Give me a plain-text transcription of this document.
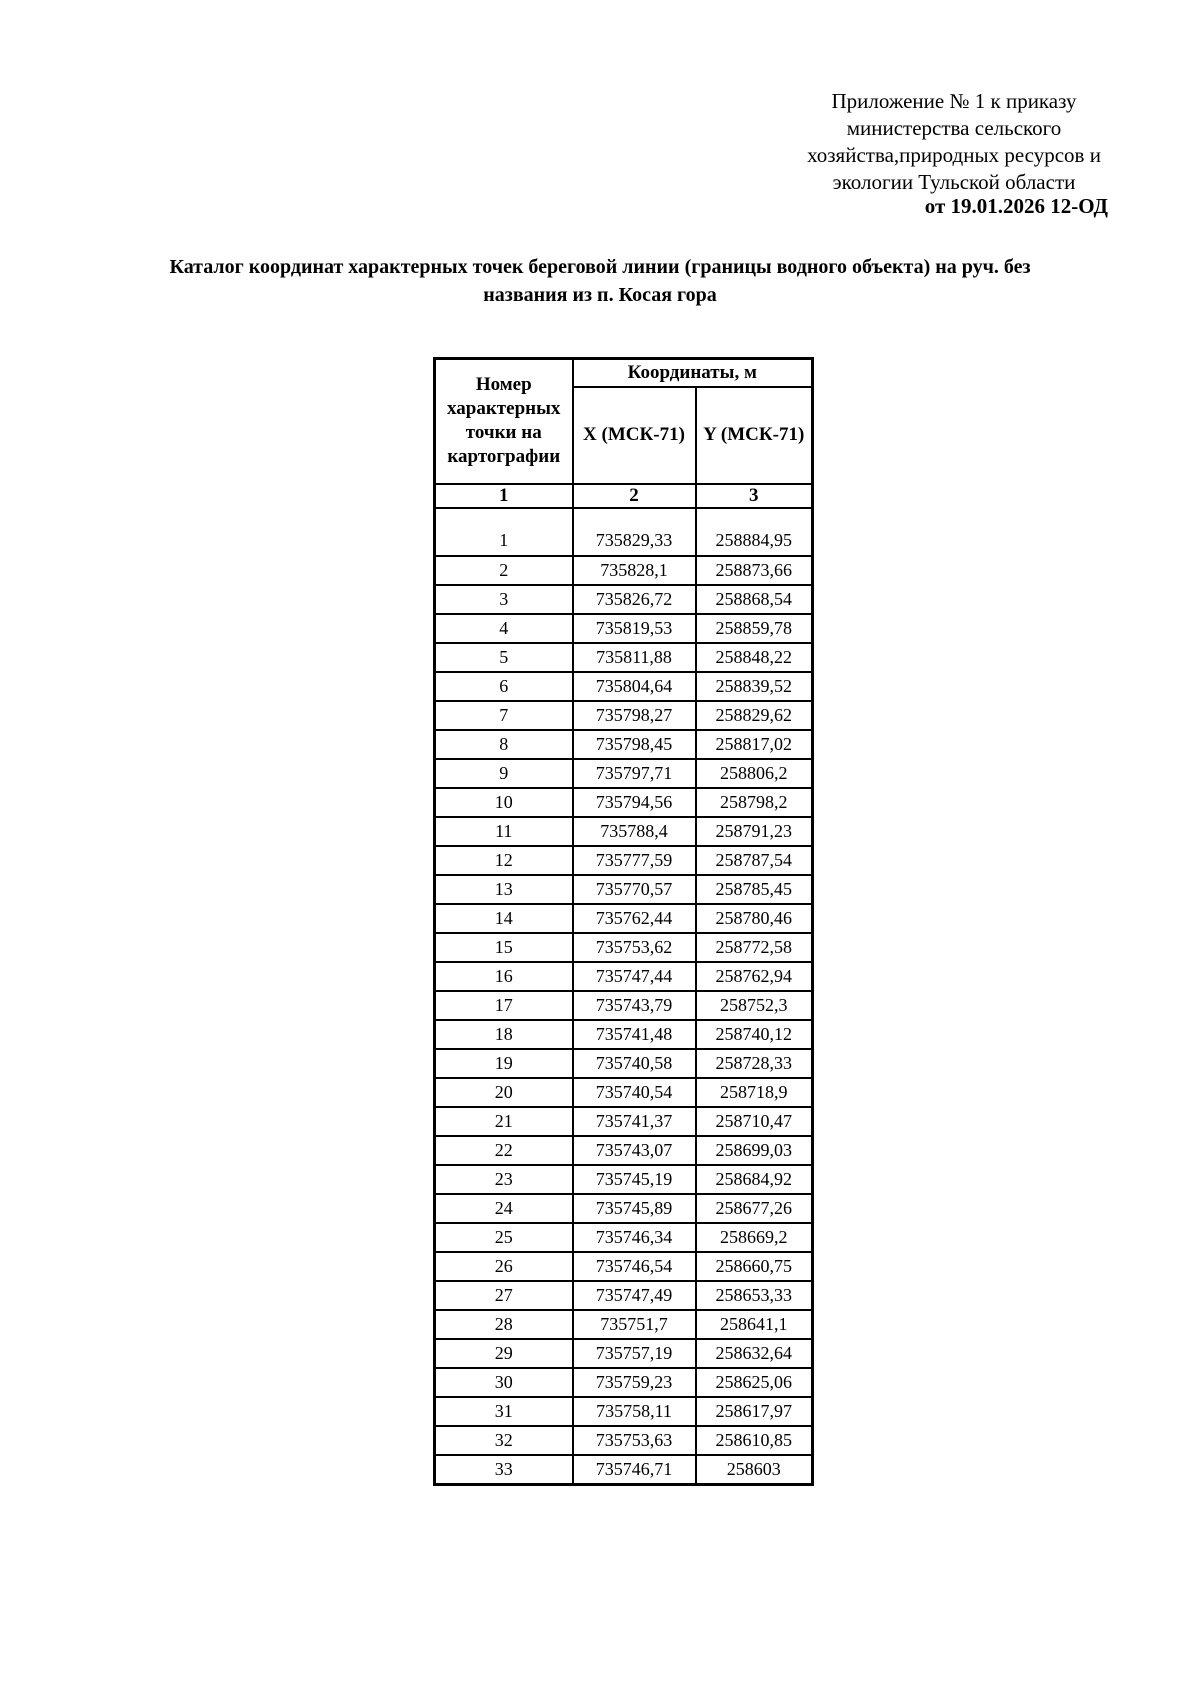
Приложение № 1 к приказу
министерства сельского
хозяйства,природных ресурсов и
экологии Тульской области
от 19.01.2026 12-ОД
Каталог координат характерных точек береговой линии (границы водного объекта) на руч. без
названия из п. Косая гора
Номер характерных точки на картографии	Координаты, м	
	X (МСК-71)	Y (МСК-71)
1	2	3
1	735829,33	258884,95
2	735828,1	258873,66
3	735826,72	258868,54
4	735819,53	258859,78
5	735811,88	258848,22
6	735804,64	258839,52
7	735798,27	258829,62
8	735798,45	258817,02
9	735797,71	258806,2
10	735794,56	258798,2
11	735788,4	258791,23
12	735777,59	258787,54
13	735770,57	258785,45
14	735762,44	258780,46
15	735753,62	258772,58
16	735747,44	258762,94
17	735743,79	258752,3
18	735741,48	258740,12
19	735740,58	258728,33
20	735740,54	258718,9
21	735741,37	258710,47
22	735743,07	258699,03
23	735745,19	258684,92
24	735745,89	258677,26
25	735746,34	258669,2
26	735746,54	258660,75
27	735747,49	258653,33
28	735751,7	258641,1
29	735757,19	258632,64
30	735759,23	258625,06
31	735758,11	258617,97
32	735753,63	258610,85
33	735746,71	258603
